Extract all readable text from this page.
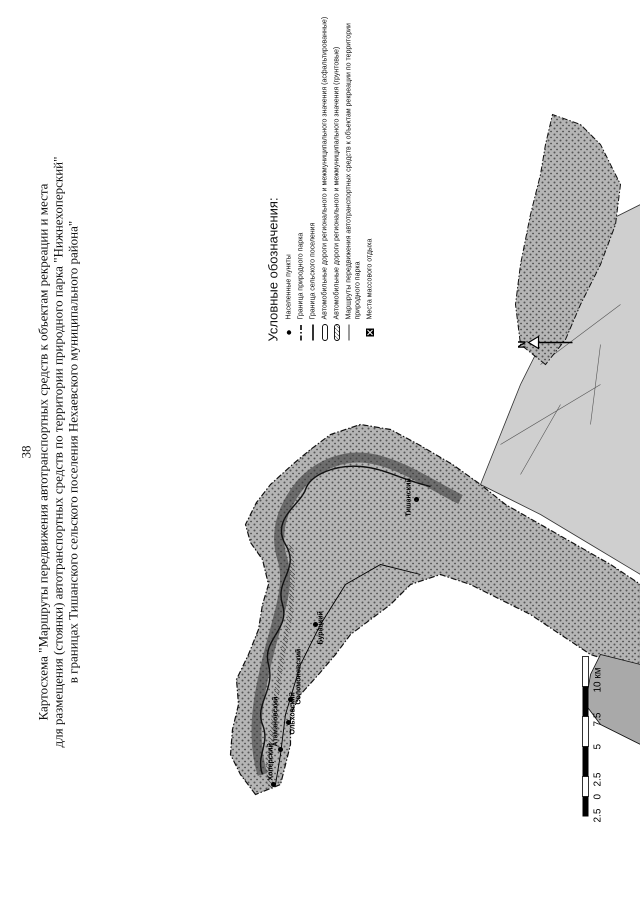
38 Картосхема "Маршруты передвижения автотранспортных средств к объектам рекреации и места для размещения (стоянки) автотранспортных средств по территории природного парка "Нижнехоперский" в границах Тишанского сельского поселения Нехаевского муниципального района"
Хоперский
Атамановский Ольховский
Соломоновский
Бурацкий
Тишанский
2.5
0
2.5
5
7.5
10 км
N
Условные обозначения: Населенные пункты Граница природного парка Граница сельского поселения Автомобильные дороги регионального и межмуниципального значения (асфальтированные) Автомобильные дороги регионального и межмуниципального значения (грунтовые) Маршруты передвижения автотранспортных средств к объектам рекреации по территории природного парка Места массового отдыха
